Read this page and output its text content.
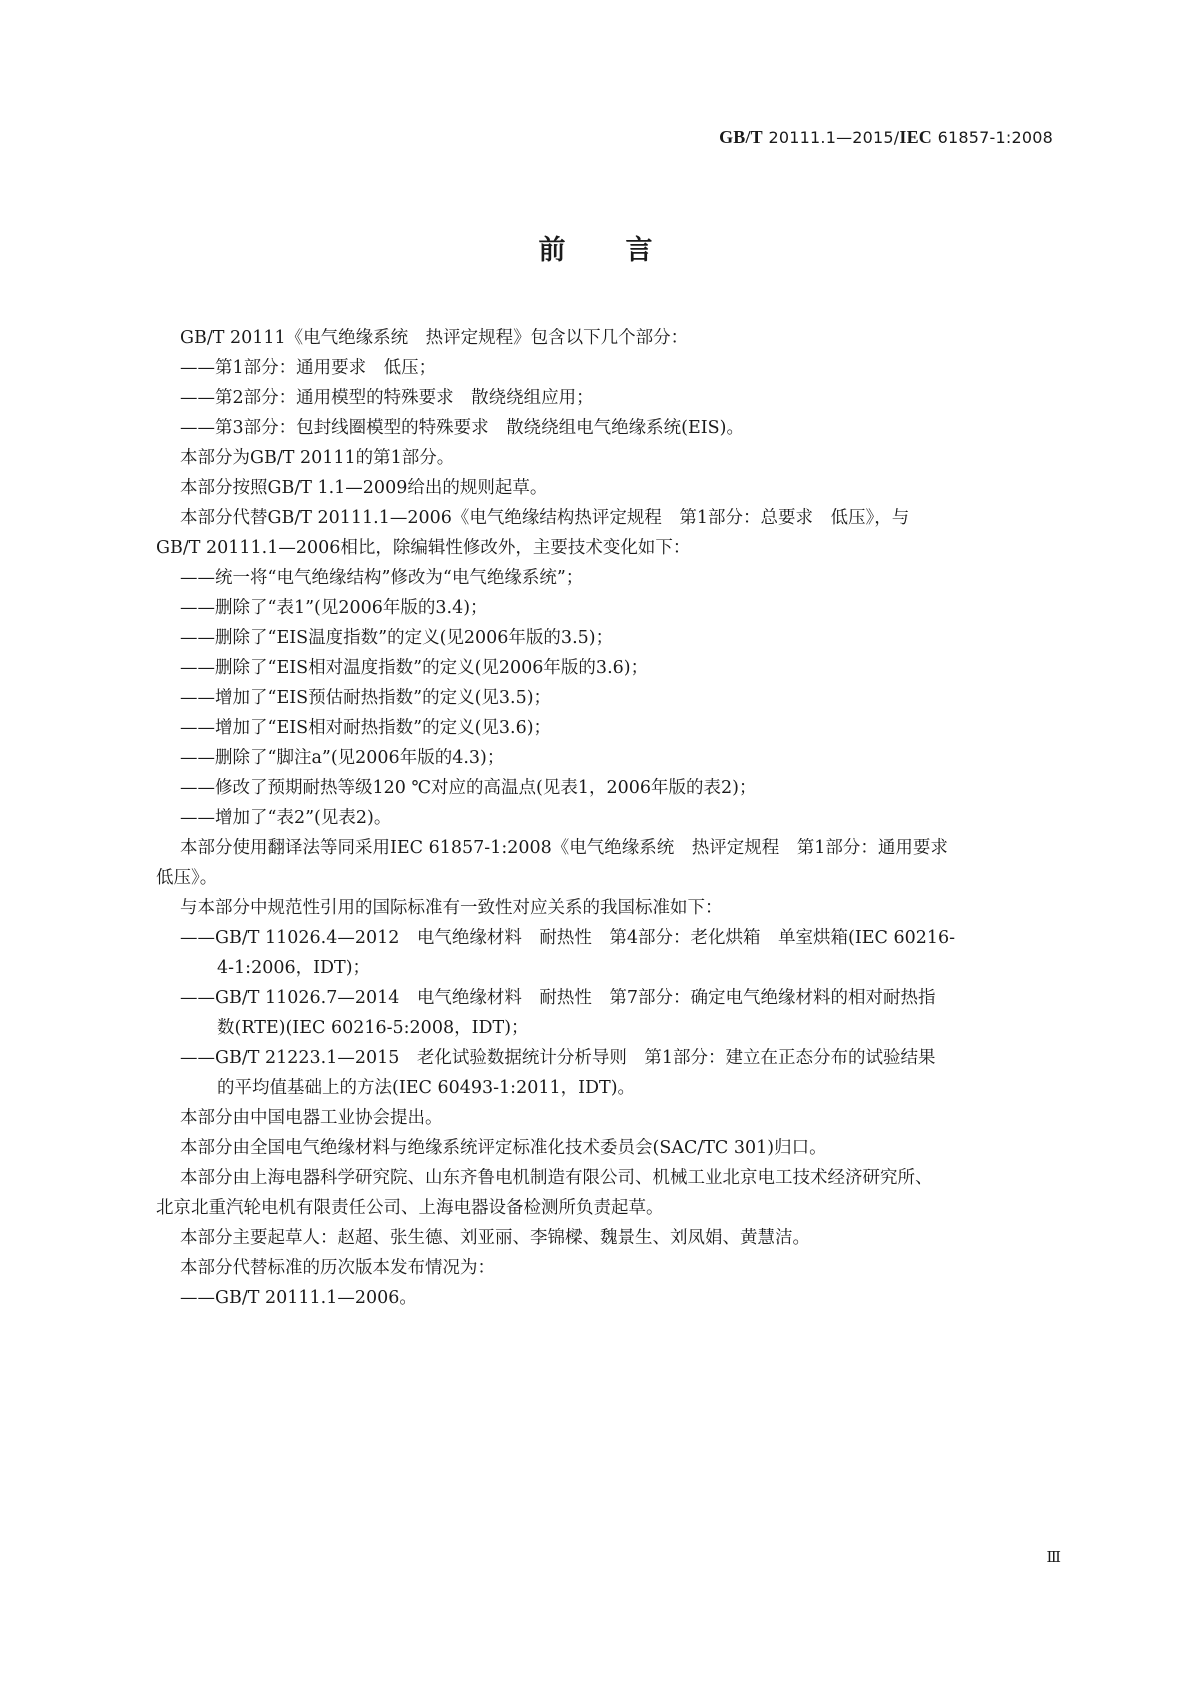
GB/T 20111.1—2015/IEC 61857-1:2008
前言
GB/T 20111《电气绝缘系统　热评定规程》包含以下几个部分：
——第1部分：通用要求　低压；
——第2部分：通用模型的特殊要求　散绕绕组应用；
——第3部分：包封线圈模型的特殊要求　散绕绕组电气绝缘系统(EIS)。
本部分为GB/T 20111的第1部分。
本部分按照GB/T 1.1—2009给出的规则起草。
本部分代替GB/T 20111.1—2006《电气绝缘结构热评定规程　第1部分：总要求　低压》，与
GB/T 20111.1—2006相比，除编辑性修改外，主要技术变化如下：
——统一将“电气绝缘结构”修改为“电气绝缘系统”；
——删除了“表1”(见2006年版的3.4)；
——删除了“EIS温度指数”的定义(见2006年版的3.5)；
——删除了“EIS相对温度指数”的定义(见2006年版的3.6)；
——增加了“EIS预估耐热指数”的定义(见3.5)；
——增加了“EIS相对耐热指数”的定义(见3.6)；
——删除了“脚注a”(见2006年版的4.3)；
——修改了预期耐热等级120 ℃对应的高温点(见表1，2006年版的表2)；
——增加了“表2”(见表2)。
本部分使用翻译法等同采用IEC 61857-1:2008《电气绝缘系统　热评定规程　第1部分：通用要求
低压》。
与本部分中规范性引用的国际标准有一致性对应关系的我国标准如下：
——GB/T 11026.4—2012　电气绝缘材料　耐热性　第4部分：老化烘箱　单室烘箱(IEC 60216-
4-1:2006，IDT)；
——GB/T 11026.7—2014　电气绝缘材料　耐热性　第7部分：确定电气绝缘材料的相对耐热指
数(RTE)(IEC 60216-5:2008，IDT)；
——GB/T 21223.1—2015　老化试验数据统计分析导则　第1部分：建立在正态分布的试验结果
的平均值基础上的方法(IEC 60493-1:2011，IDT)。
本部分由中国电器工业协会提出。
本部分由全国电气绝缘材料与绝缘系统评定标准化技术委员会(SAC/TC 301)归口。
本部分由上海电器科学研究院、山东齐鲁电机制造有限公司、机械工业北京电工技术经济研究所、
北京北重汽轮电机有限责任公司、上海电器设备检测所负责起草。
本部分主要起草人：赵超、张生德、刘亚丽、李锦樑、魏景生、刘凤娟、黄慧洁。
本部分代替标准的历次版本发布情况为：
——GB/T 20111.1—2006。
Ⅲ
